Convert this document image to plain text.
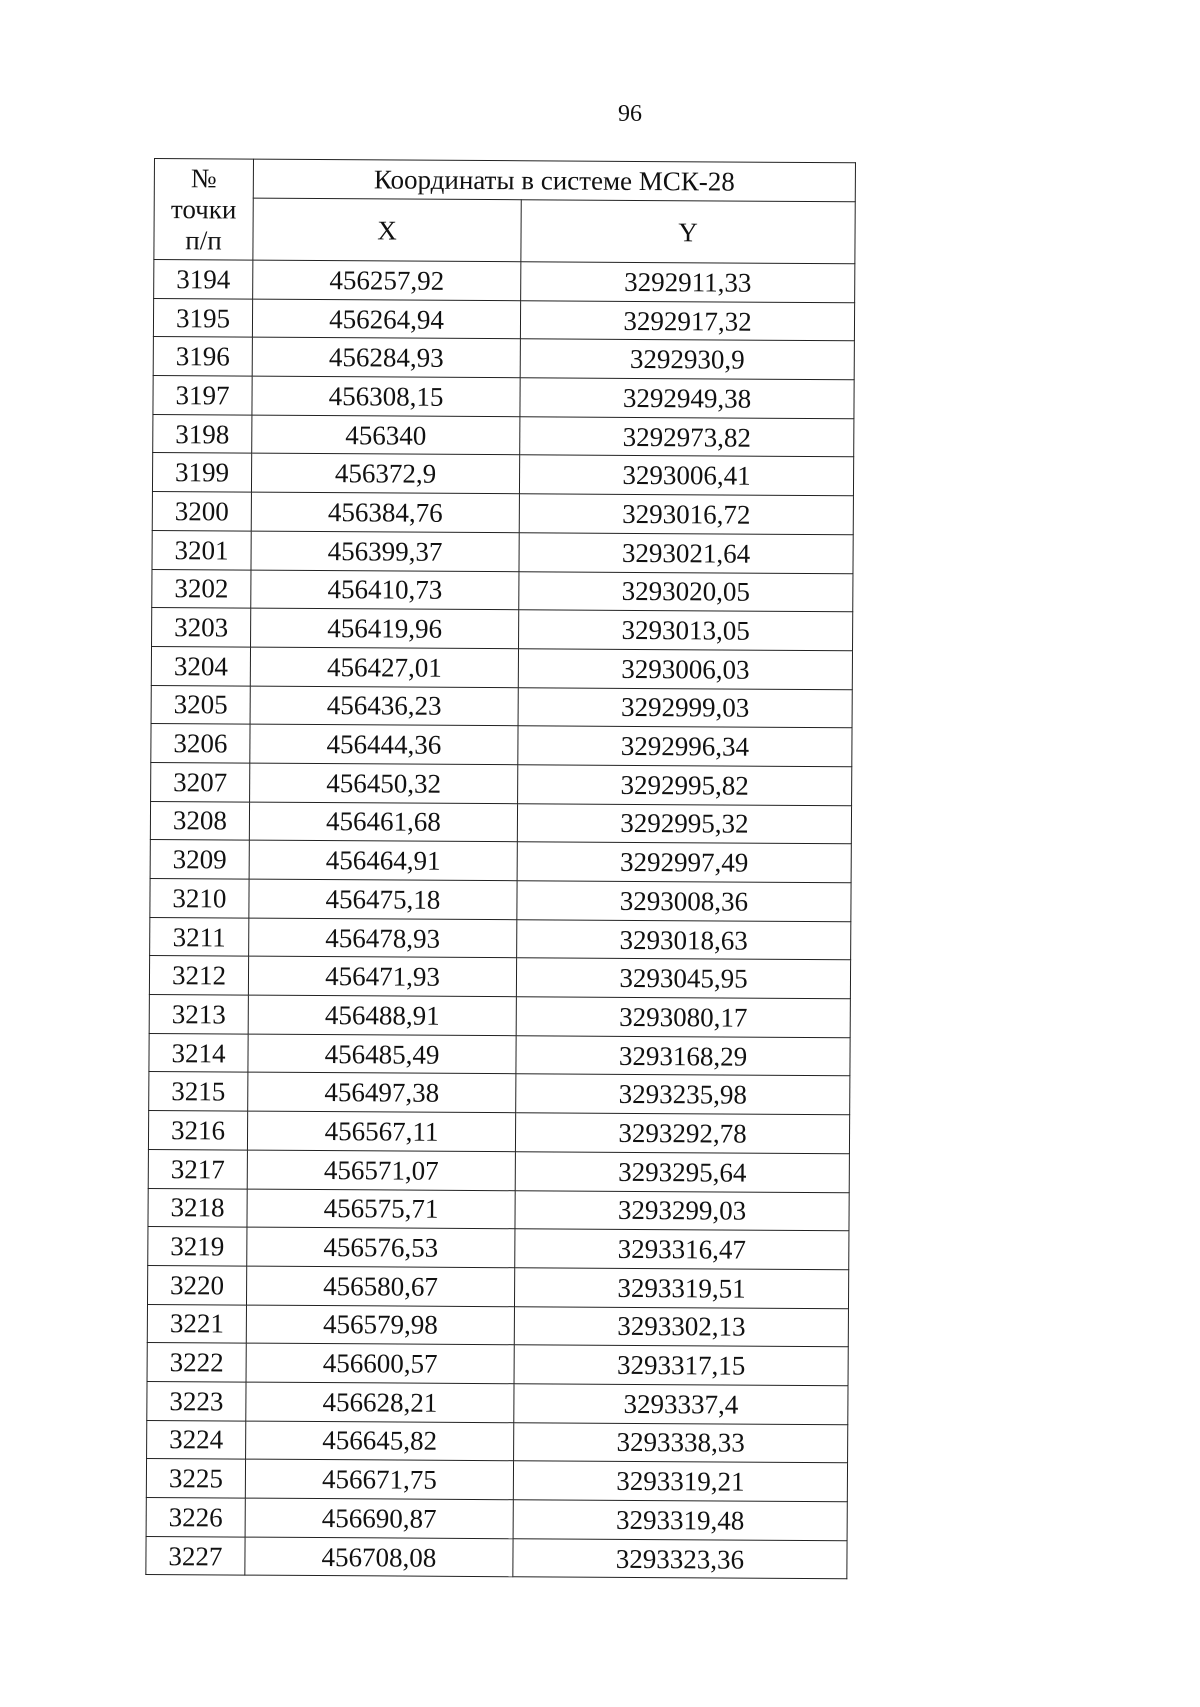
96
№
точки
п/п	Координаты в системе МСК-28	
	X	Y
3194	456257,92	3292911,33
3195	456264,94	3292917,32
3196	456284,93	3292930,9
3197	456308,15	3292949,38
3198	456340	3292973,82
3199	456372,9	3293006,41
3200	456384,76	3293016,72
3201	456399,37	3293021,64
3202	456410,73	3293020,05
3203	456419,96	3293013,05
3204	456427,01	3293006,03
3205	456436,23	3292999,03
3206	456444,36	3292996,34
3207	456450,32	3292995,82
3208	456461,68	3292995,32
3209	456464,91	3292997,49
3210	456475,18	3293008,36
3211	456478,93	3293018,63
3212	456471,93	3293045,95
3213	456488,91	3293080,17
3214	456485,49	3293168,29
3215	456497,38	3293235,98
3216	456567,11	3293292,78
3217	456571,07	3293295,64
3218	456575,71	3293299,03
3219	456576,53	3293316,47
3220	456580,67	3293319,51
3221	456579,98	3293302,13
3222	456600,57	3293317,15
3223	456628,21	3293337,4
3224	456645,82	3293338,33
3225	456671,75	3293319,21
3226	456690,87	3293319,48
3227	456708,08	3293323,36
